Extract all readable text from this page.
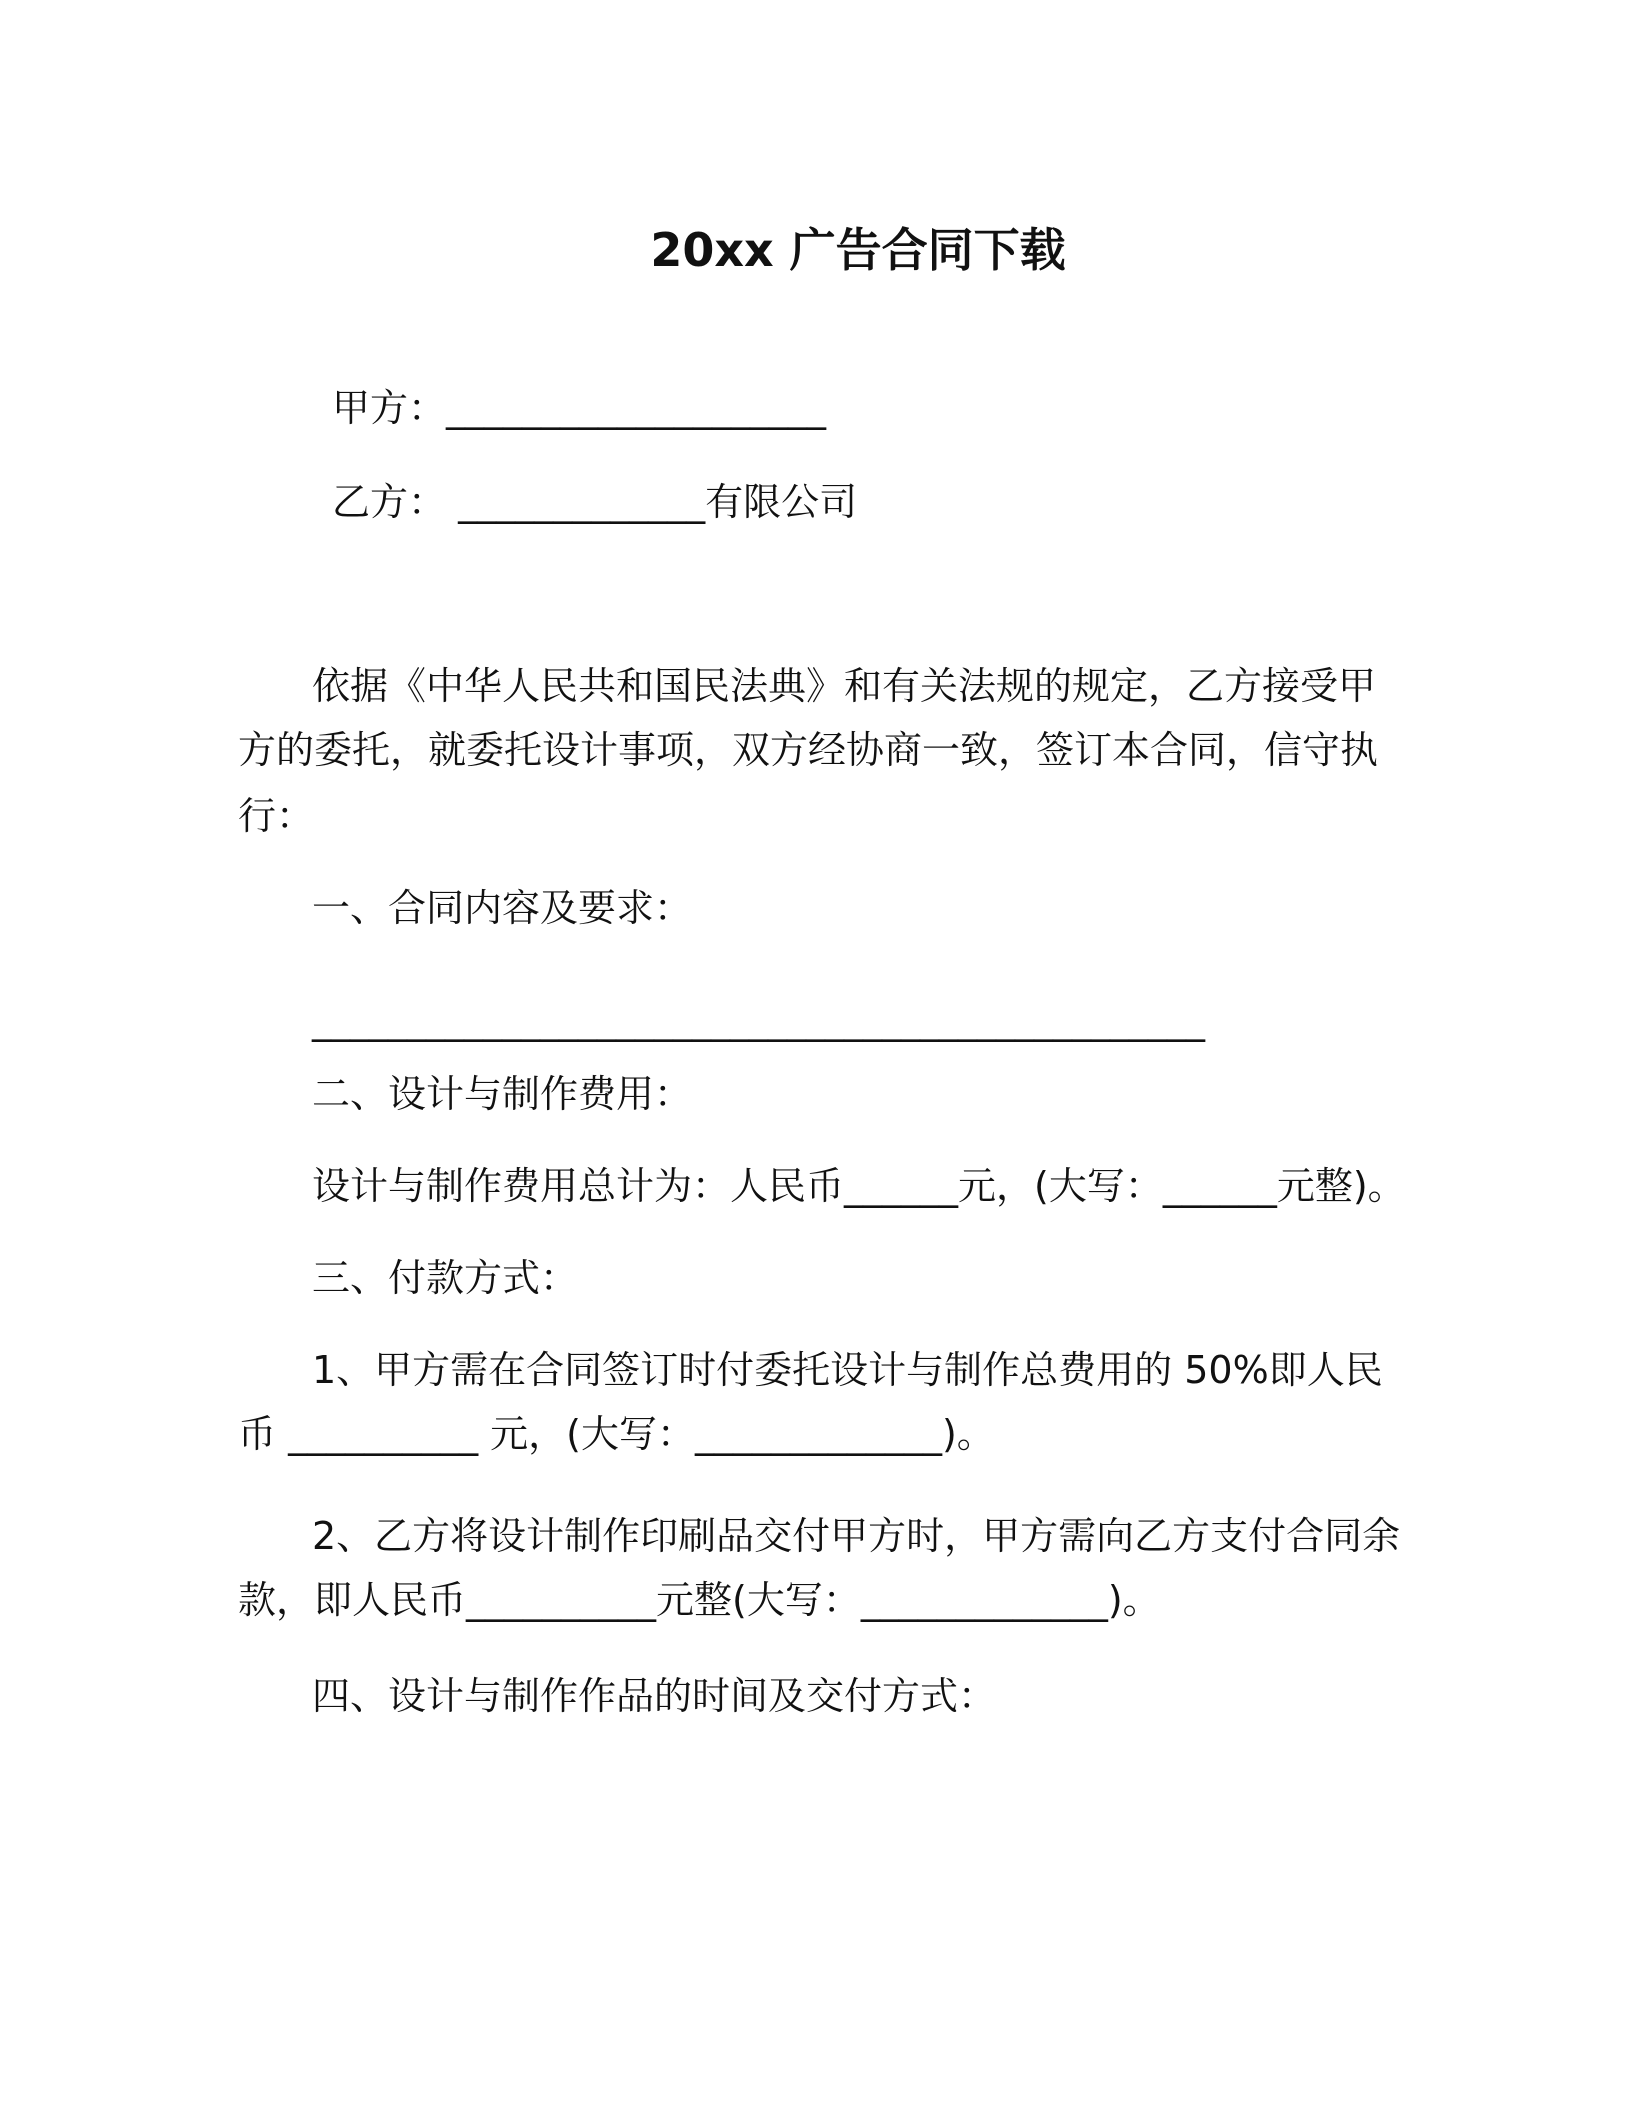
20xx 广告合同下载
甲方：____________________
乙方： _____________有限公司
依据《中华人民共和国民法典》和有关法规的规定，乙方接受甲
方的委托，就委托设计事项，双方经协商一致，签订本合同，信守执
行：
一、合同内容及要求：
_______________________________________________
二、设计与制作费用：
设计与制作费用总计为：人民币______元，(大写：______元整)。
三、付款方式：
1、甲方需在合同签订时付委托设计与制作总费用的 50%即人民
币 __________ 元，(大写：_____________)。
2、乙方将设计制作印刷品交付甲方时，甲方需向乙方支付合同余
款，即人民币__________元整(大写：_____________)。
四、设计与制作作品的时间及交付方式：
